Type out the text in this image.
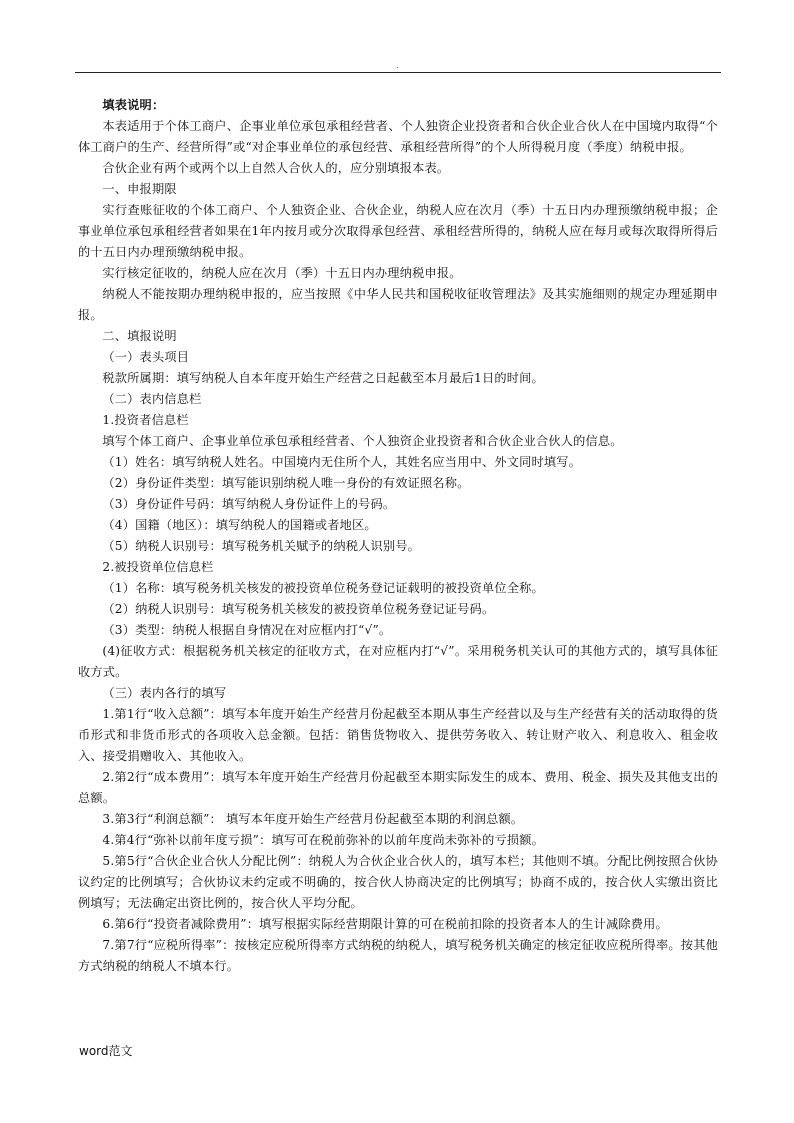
.

填表说明：

本表适用于个体工商户、企事业单位承包承租经营者、个人独资企业投资者和合伙企业合伙人在中国境内取得“个体工商户的生产、经营所得”或“对企事业单位的承包经营、承租经营所得”的个人所得税月度（季度）纳税申报。

合伙企业有两个或两个以上自然人合伙人的，应分别填报本表。

一、申报期限

实行查账征收的个体工商户、个人独资企业、合伙企业，纳税人应在次月（季）十五日内办理预缴纳税申报；企事业单位承包承租经营者如果在1年内按月或分次取得承包经营、承租经营所得的，纳税人应在每月或每次取得所得后的十五日内办理预缴纳税申报。

实行核定征收的，纳税人应在次月（季）十五日内办理纳税申报。

纳税人不能按期办理纳税申报的，应当按照《中华人民共和国税收征收管理法》及其实施细则的规定办理延期申报。

二、填报说明

（一）表头项目

税款所属期：填写纳税人自本年度开始生产经营之日起截至本月最后1日的时间。

（二）表内信息栏

1.投资者信息栏

填写个体工商户、企事业单位承包承租经营者、个人独资企业投资者和合伙企业合伙人的信息。

（1）姓名：填写纳税人姓名。中国境内无住所个人，其姓名应当用中、外文同时填写。

（2）身份证件类型：填写能识别纳税人唯一身份的有效证照名称。

（3）身份证件号码：填写纳税人身份证件上的号码。

（4）国籍（地区）：填写纳税人的国籍或者地区。

（5）纳税人识别号：填写税务机关赋予的纳税人识别号。

2.被投资单位信息栏

（1）名称：填写税务机关核发的被投资单位税务登记证载明的被投资单位全称。

（2）纳税人识别号：填写税务机关核发的被投资单位税务登记证号码。

（3）类型：纳税人根据自身情况在对应框内打“√”。

(4)征收方式：根据税务机关核定的征收方式，在对应框内打“√”。采用税务机关认可的其他方式的，填写具体征收方式。

（三）表内各行的填写

1.第1行“收入总额”：填写本年度开始生产经营月份起截至本期从事生产经营以及与生产经营有关的活动取得的货币形式和非货币形式的各项收入总金额。包括：销售货物收入、提供劳务收入、转让财产收入、利息收入、租金收入、接受捐赠收入、其他收入。

2.第2行“成本费用”：填写本年度开始生产经营月份起截至本期实际发生的成本、费用、税金、损失及其他支出的总额。

3.第3行“利润总额”： 填写本年度开始生产经营月份起截至本期的利润总额。

4.第4行“弥补以前年度亏损”：填写可在税前弥补的以前年度尚未弥补的亏损额。

5.第5行“合伙企业合伙人分配比例”：纳税人为合伙企业合伙人的，填写本栏；其他则不填。分配比例按照合伙协议约定的比例填写；合伙协议未约定或不明确的，按合伙人协商决定的比例填写；协商不成的，按合伙人实缴出资比例填写；无法确定出资比例的，按合伙人平均分配。

6.第6行“投资者减除费用”：填写根据实际经营期限计算的可在税前扣除的投资者本人的生计减除费用。

7.第7行“应税所得率”：按核定应税所得率方式纳税的纳税人，填写税务机关确定的核定征收应税所得率。按其他方式纳税的纳税人不填本行。

word范文
